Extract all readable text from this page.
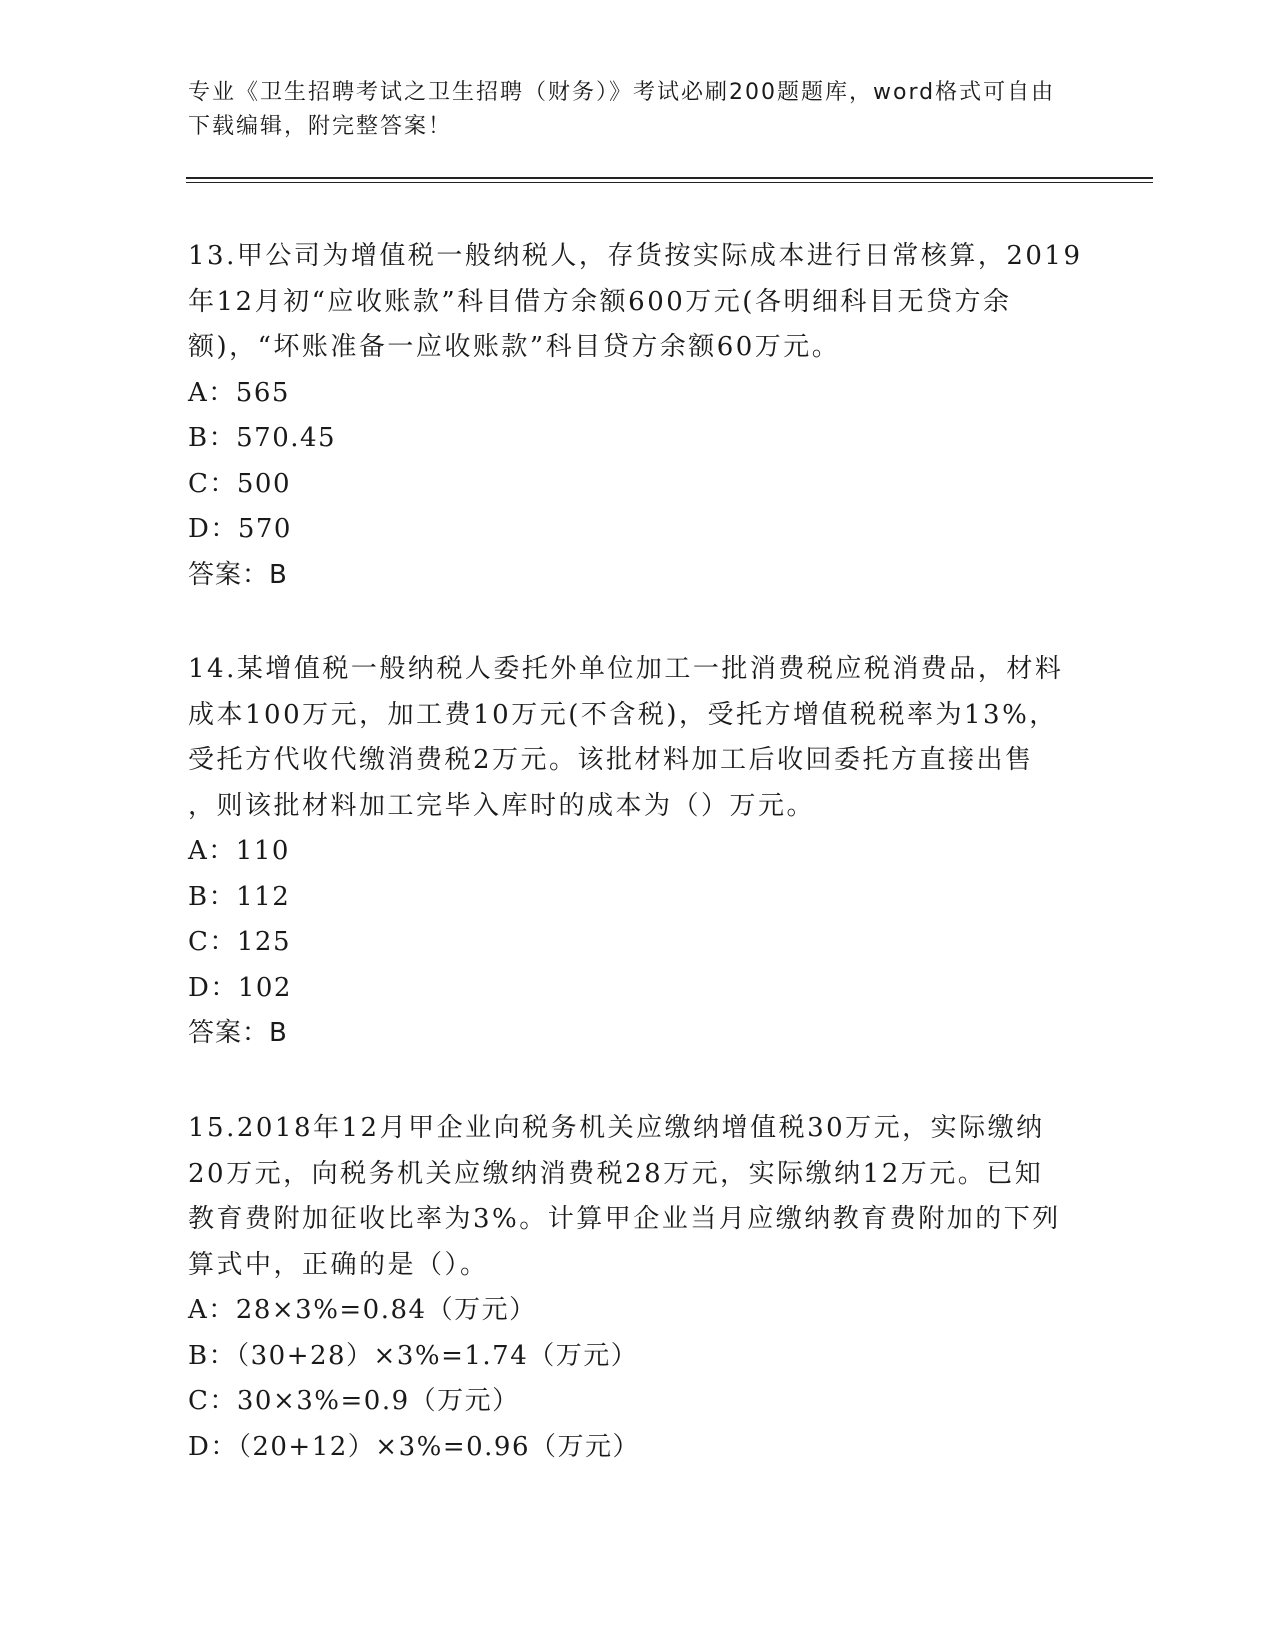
专业《卫生招聘考试之卫生招聘（财务）》考试必刷200题题库，word格式可自由下载编辑，附完整答案！

13.甲公司为增值税一般纳税人，存货按实际成本进行日常核算，2019
年12月初“应收账款”科目借方余额600万元(各明细科目无贷方余
额)，“坏账准备一应收账款”科目贷方余额60万元。

A：565
B：570.45
C：500
D：570
答案：B

14.某增值税一般纳税人委托外单位加工一批消费税应税消费品，材料
成本100万元，加工费10万元(不含税)，受托方增值税税率为13%，
受托方代收代缴消费税2万元。该批材料加工后收回委托方直接出售
，则该批材料加工完毕入库时的成本为（）万元。

A：110
B：112
C：125
D：102
答案：B

15.2018年12月甲企业向税务机关应缴纳增值税30万元，实际缴纳
20万元，向税务机关应缴纳消费税28万元，实际缴纳12万元。已知
教育费附加征收比率为3%。计算甲企业当月应缴纳教育费附加的下列
算式中，正确的是（）。

A：28×3%=0.84（万元）
B：（30+28）×3%=1.74（万元）
C：30×3%=0.9（万元）
D：（20+12）×3%=0.96（万元）
